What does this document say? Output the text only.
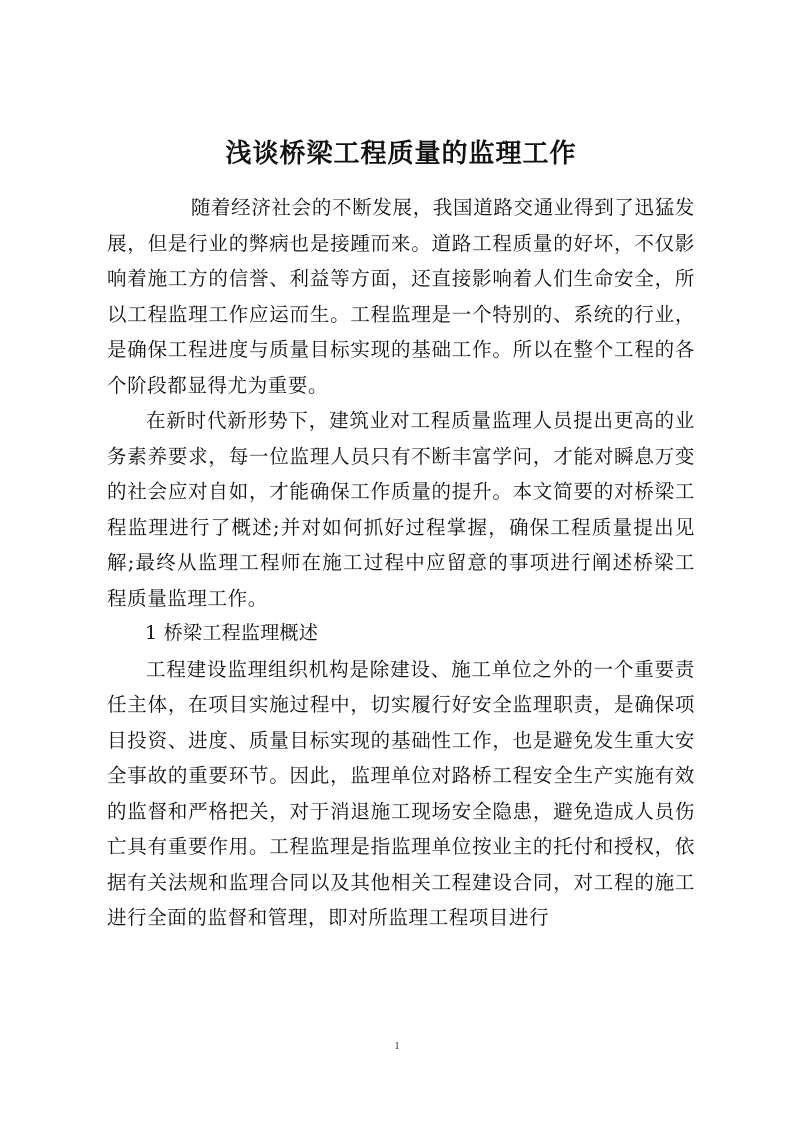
浅谈桥梁工程质量的监理工作

随着经济社会的不断发展，我国道路交通业得到了迅猛发展，但是行业的弊病也是接踵而来。道路工程质量的好坏，不仅影响着施工方的信誉、利益等方面，还直接影响着人们生命安全，所以工程监理工作应运而生。工程监理是一个特别的、系统的行业，是确保工程进度与质量目标实现的基础工作。所以在整个工程的各个阶段都显得尤为重要。

在新时代新形势下，建筑业对工程质量监理人员提出更高的业务素养要求，每一位监理人员只有不断丰富学问，才能对瞬息万变的社会应对自如，才能确保工作质量的提升。本文简要的对桥梁工程监理进行了概述;并对如何抓好过程掌握，确保工程质量提出见解;最终从监理工程师在施工过程中应留意的事项进行阐述桥梁工程质量监理工作。

1 桥梁工程监理概述

工程建设监理组织机构是除建设、施工单位之外的一个重要责任主体，在项目实施过程中，切实履行好安全监理职责，是确保项目投资、进度、质量目标实现的基础性工作，也是避免发生重大安全事故的重要环节。因此，监理单位对路桥工程安全生产实施有效的监督和严格把关，对于消退施工现场安全隐患，避免造成人员伤亡具有重要作用。工程监理是指监理单位按业主的托付和授权，依据有关法规和监理合同以及其他相关工程建设合同，对工程的施工进行全面的监督和管理，即对所监理工程项目进行

1
